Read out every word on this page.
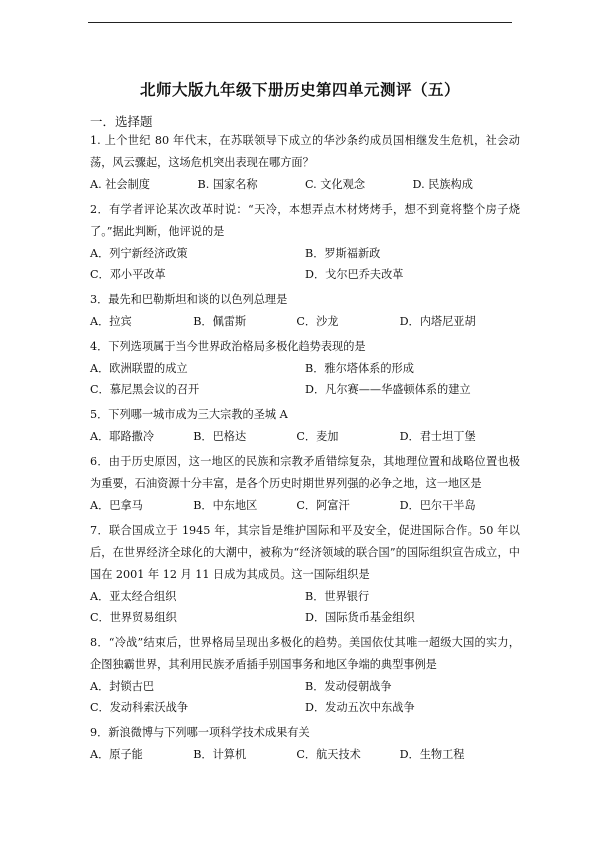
北师大版九年级下册历史第四单元测评（五）
一．选择题
1. 上个世纪 80 年代末，在苏联领导下成立的华沙条约成员国相继发生危机，社会动荡，风云骤起，这场危机突出表现在哪方面？
A. 社会制度	B. 国家名称	C. 文化观念	D. 民族构成
2．有学者评论某次改革时说：“天冷，本想弄点木材烤烤手，想不到竟将整个房子烧了。”据此判断，他评说的是
A．列宁新经济政策	B．罗斯福新政
C．邓小平改革	D．戈尔巴乔夫改革
3．最先和巴勒斯坦和谈的以色列总理是
A．拉宾	B．佩雷斯	C．沙龙	D．内塔尼亚胡
4．下列选项属于当今世界政治格局多极化趋势表现的是
A．欧洲联盟的成立	B．雅尔塔体系的形成
C．慕尼黑会议的召开	D．凡尔赛——华盛顿体系的建立
5．下列哪一城市成为三大宗教的圣城 A
A．耶路撒冷	B．巴格达	C．麦加	D．君士坦丁堡
6．由于历史原因，这一地区的民族和宗教矛盾错综复杂，其地理位置和战略位置也极为重要，石油资源十分丰富，是各个历史时期世界列强的必争之地，这一地区是
A．巴拿马	B．中东地区	C．阿富汗	D．巴尔干半岛
7．联合国成立于 1945 年，其宗旨是维护国际和平及安全，促进国际合作。50 年以后，在世界经济全球化的大潮中，被称为“经济领域的联合国”的国际组织宣告成立，中国在 2001 年 12 月 11 日成为其成员。这一国际组织是
A．亚太经合组织	B．世界银行
C．世界贸易组织	D．国际货币基金组织
8．“冷战”结束后，世界格局呈现出多极化的趋势。美国依仗其唯一超级大国的实力，企图独霸世界，其利用民族矛盾插手别国事务和地区争端的典型事例是
A．封锁古巴	B．发动侵朝战争
C．发动科索沃战争	D．发动五次中东战争
9．新浪微博与下列哪一项科学技术成果有关
A．原子能	B．计算机	C．航天技术	D．生物工程
